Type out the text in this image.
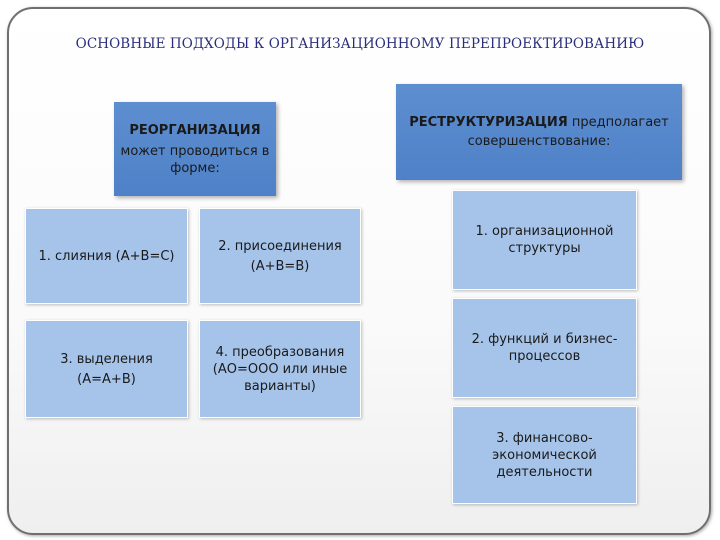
ОСНОВНЫЕ ПОДХОДЫ К ОРГАНИЗАЦИОННОМУ ПЕРЕПРОЕКТИРОВАНИЮ
РЕОРГАНИЗАЦИЯ
может проводиться в
форме:
РЕСТРУКТУРИЗАЦИЯ предполагает
совершенствование:
1. слияния (А+В=С)
2. присоединения
(А+В=В)
3. выделения
(А=А+В)
4. преобразования
(АО=ООО или иные
варианты)
1. организационной
структуры
2. функций и бизнес-
процессов
3. финансово-
экономической
деятельности
